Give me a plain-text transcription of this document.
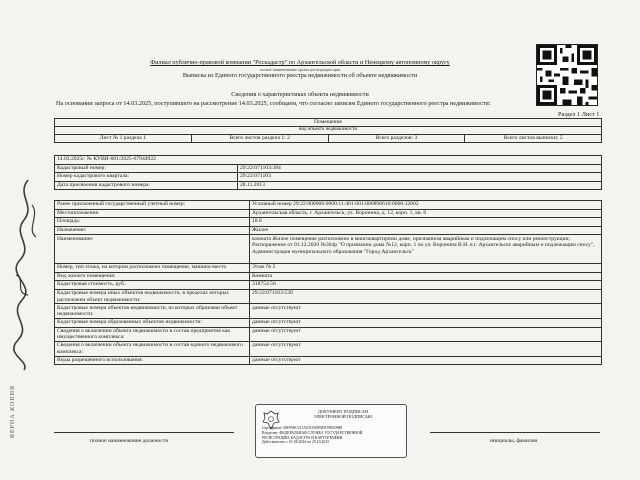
Филиал публично-правовой компании "Роскадастр" по Архангельской области и Ненецкому автономному округу
полное наименование органа регистрации прав
Выписка из Единого государственного реестра недвижимости об объекте недвижимости
Сведения о характеристиках объекта недвижимости
На основании запроса от 14.03.2025, поступившего на рассмотрение 14.03.2025, сообщаем, что согласно записям Единого государственного реестра недвижимости:
Раздел 1 Лист 1
Помещение
вид объекта недвижимости
Лист № 1 раздела 1	Всего листов раздела 1: 2	Всего разделов: 3	Всего листов выписки: 5
14.03.2025г. № КУВИ-001/2025-67944922	
Кадастровый номер:	29:22:071103:384
Номер кадастрового квартала:	29:22:071103
Дата присвоения кадастрового номера:	28.11.2013
Ранее присвоенный государственный учетный номер:	Условный номер 29:22:000000:0000:11:401:001:006896610:0000:12002
Местоположение:	Архангельская область, г. Архангельск, ул. Воронина, д. 12, корп. 1, кв. 6
Площадь:	18.8
Назначение:	Жилое
Наименование:	комната Жилое помещение расположено в многоквартирном доме, признанном аварийным и подлежащим сносу или реконструкции; Распоряжение от 01.12.2020 №364р "О признании дома №12, корп. 1 по ул. Воронина В.И. в г. Архангельске аварийным и подлежащим сносу", Администрация муниципального образования "Город Архангельск"
Номер, тип этажа, на котором расположено помещение, машино-место	Этаж № 2
Вид жилого помещения:	Комната
Кадастровая стоимость, руб.:	318754.56
Кадастровые номера иных объектов недвижимости, в пределах которых расположен объект недвижимости:	29:22:071103:539
Кадастровые номера объектов недвижимости, из которых образован объект недвижимости:	данные отсутствуют
Кадастровые номера образованных объектов недвижимости:	данные отсутствуют
Сведения о включении объекта недвижимости в состав предприятия как имущественного комплекса:	данные отсутствуют
Сведения о включении объекта недвижимости в состав единого недвижимого комплекса:	данные отсутствуют
Виды разрешенного использования:	данные отсутствуют
ВЕРНА КОПИЯ	ДОКУМЕНТ ПОДПИСАН
ЭЛЕКТРОННОЙ ПОДПИСЬЮ
Сертификат: 00FF89C011A0318A9F6F819EE0988
Владелец: ФЕДЕРАЛЬНАЯ СЛУЖБА ГОСУДАРСТВЕННОЙ
РЕГИСТРАЦИИ, КАДАСТРА И КАРТОГРАФИИ
Действителен: с 01.08.2024 по 25.10.2025
полное наименование должности	инициалы, фамилия
